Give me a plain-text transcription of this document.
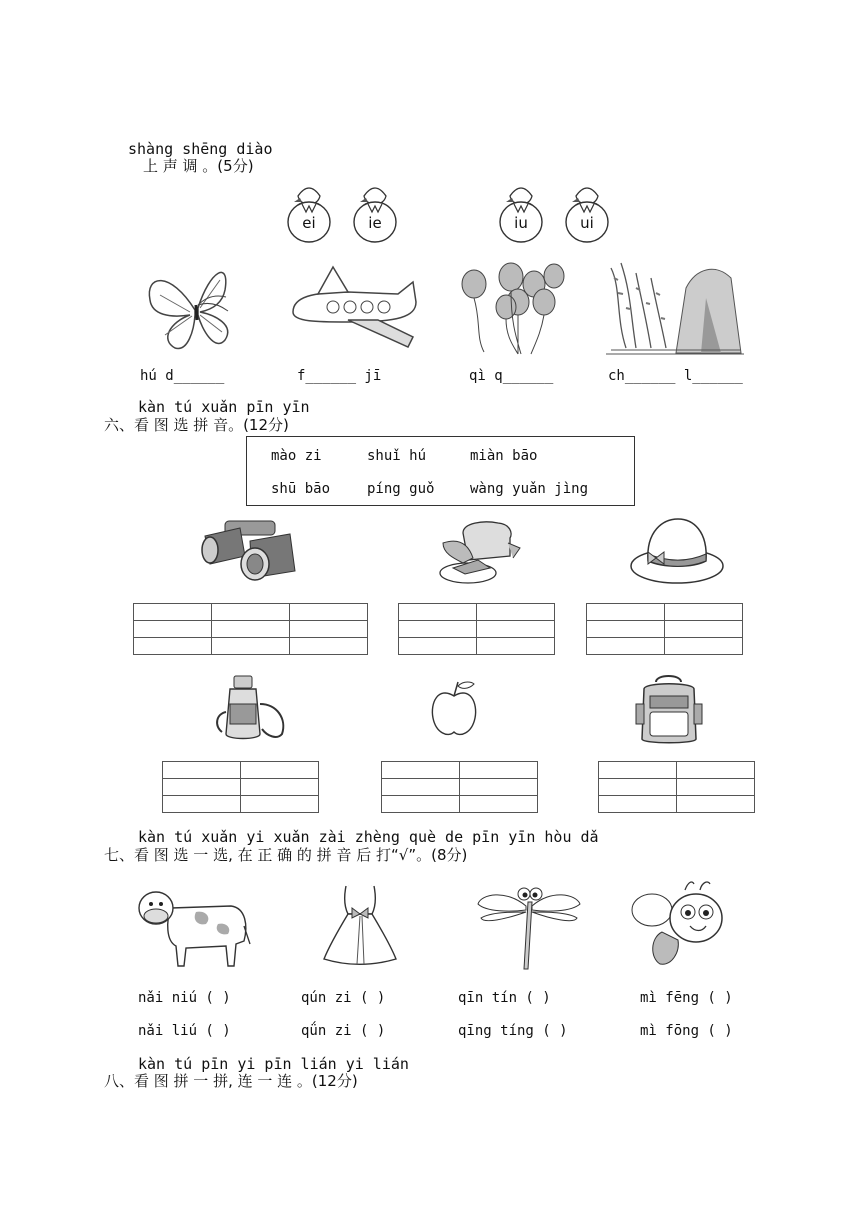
shàng shēng diào
上 声 调 。(5分)
ei	ie	iu	ui
hú d______	f______ jī	qì q______	ch______ l______
kàn tú xuǎn pīn yīn
六、看 图 选 拼 音。(12分)
mào zi	shuǐ hú	miàn bāo
shū bāo	píng guǒ	wàng yuǎn jìng

kàn tú xuǎn yi xuǎn zài zhèng què de pīn yīn hòu dǎ
七、看 图 选 一 选, 在 正 确 的 拼 音 后 打“√”。(8分)
nǎi niú ( )	qún zi ( )	qīn tín ( )	mì fēng ( )
nǎi liú ( )	qǘn zi ( )	qīng tíng ( )	mì fōng ( )
kàn tú pīn yi pīn lián yi lián
八、看 图 拼 一 拼, 连 一 连 。(12分)
